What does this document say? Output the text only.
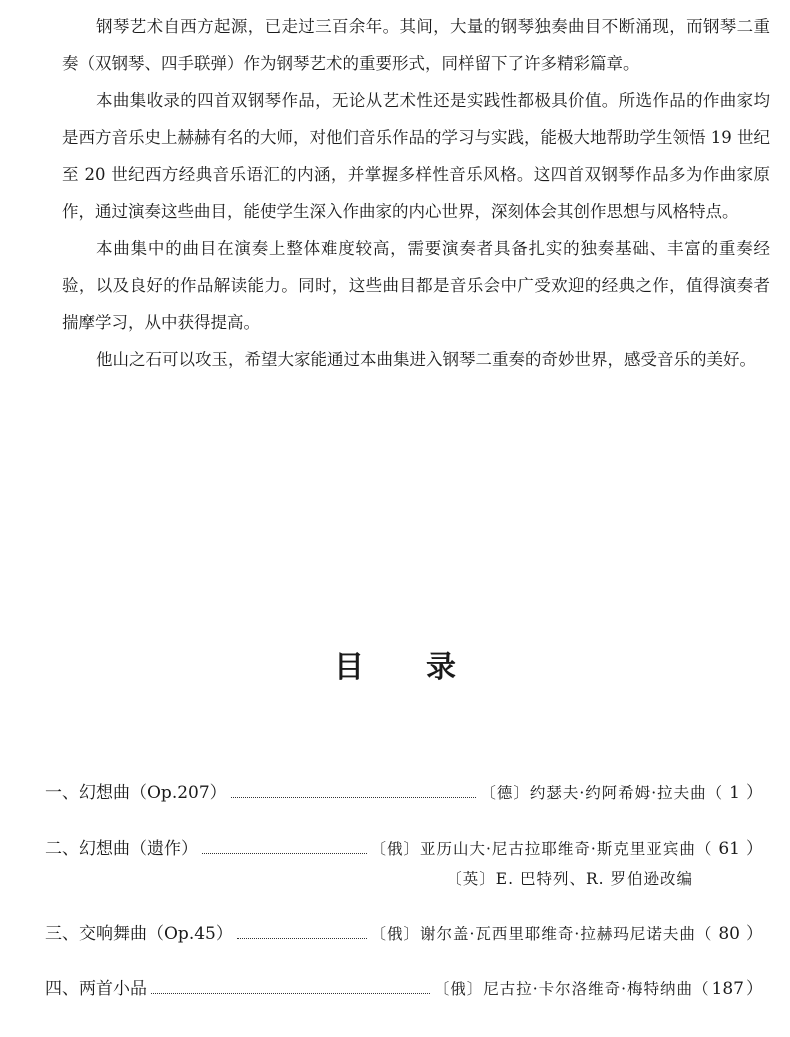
钢琴艺术自西方起源，已走过三百余年。其间，大量的钢琴独奏曲目不断涌现，而钢琴二重奏（双钢琴、四手联弹）作为钢琴艺术的重要形式，同样留下了许多精彩篇章。

本曲集收录的四首双钢琴作品，无论从艺术性还是实践性都极具价值。所选作品的作曲家均是西方音乐史上赫赫有名的大师，对他们音乐作品的学习与实践，能极大地帮助学生领悟 19 世纪至 20 世纪西方经典音乐语汇的内涵，并掌握多样性音乐风格。这四首双钢琴作品多为作曲家原作，通过演奏这些曲目，能使学生深入作曲家的内心世界，深刻体会其创作思想与风格特点。

本曲集中的曲目在演奏上整体难度较高，需要演奏者具备扎实的独奏基础、丰富的重奏经验，以及良好的作品解读能力。同时，这些曲目都是音乐会中广受欢迎的经典之作，值得演奏者揣摩学习，从中获得提高。

他山之石可以攻玉，希望大家能通过本曲集进入钢琴二重奏的奇妙世界，感受音乐的美好。

目 录
一、幻想曲（Op.207）	〔德〕约瑟夫·约阿希姆·拉夫曲（ 1 ）
二、幻想曲（遗作）	〔俄〕亚历山大·尼古拉耶维奇·斯克里亚宾曲（ 61 ）
〔英〕E. 巴特列、R. 罗伯逊改编
三、交响舞曲（Op.45）	〔俄〕谢尔盖·瓦西里耶维奇·拉赫玛尼诺夫曲（ 80 ）
四、两首小品	〔俄〕尼古拉·卡尔洛维奇·梅特纳曲（ 187 ）
